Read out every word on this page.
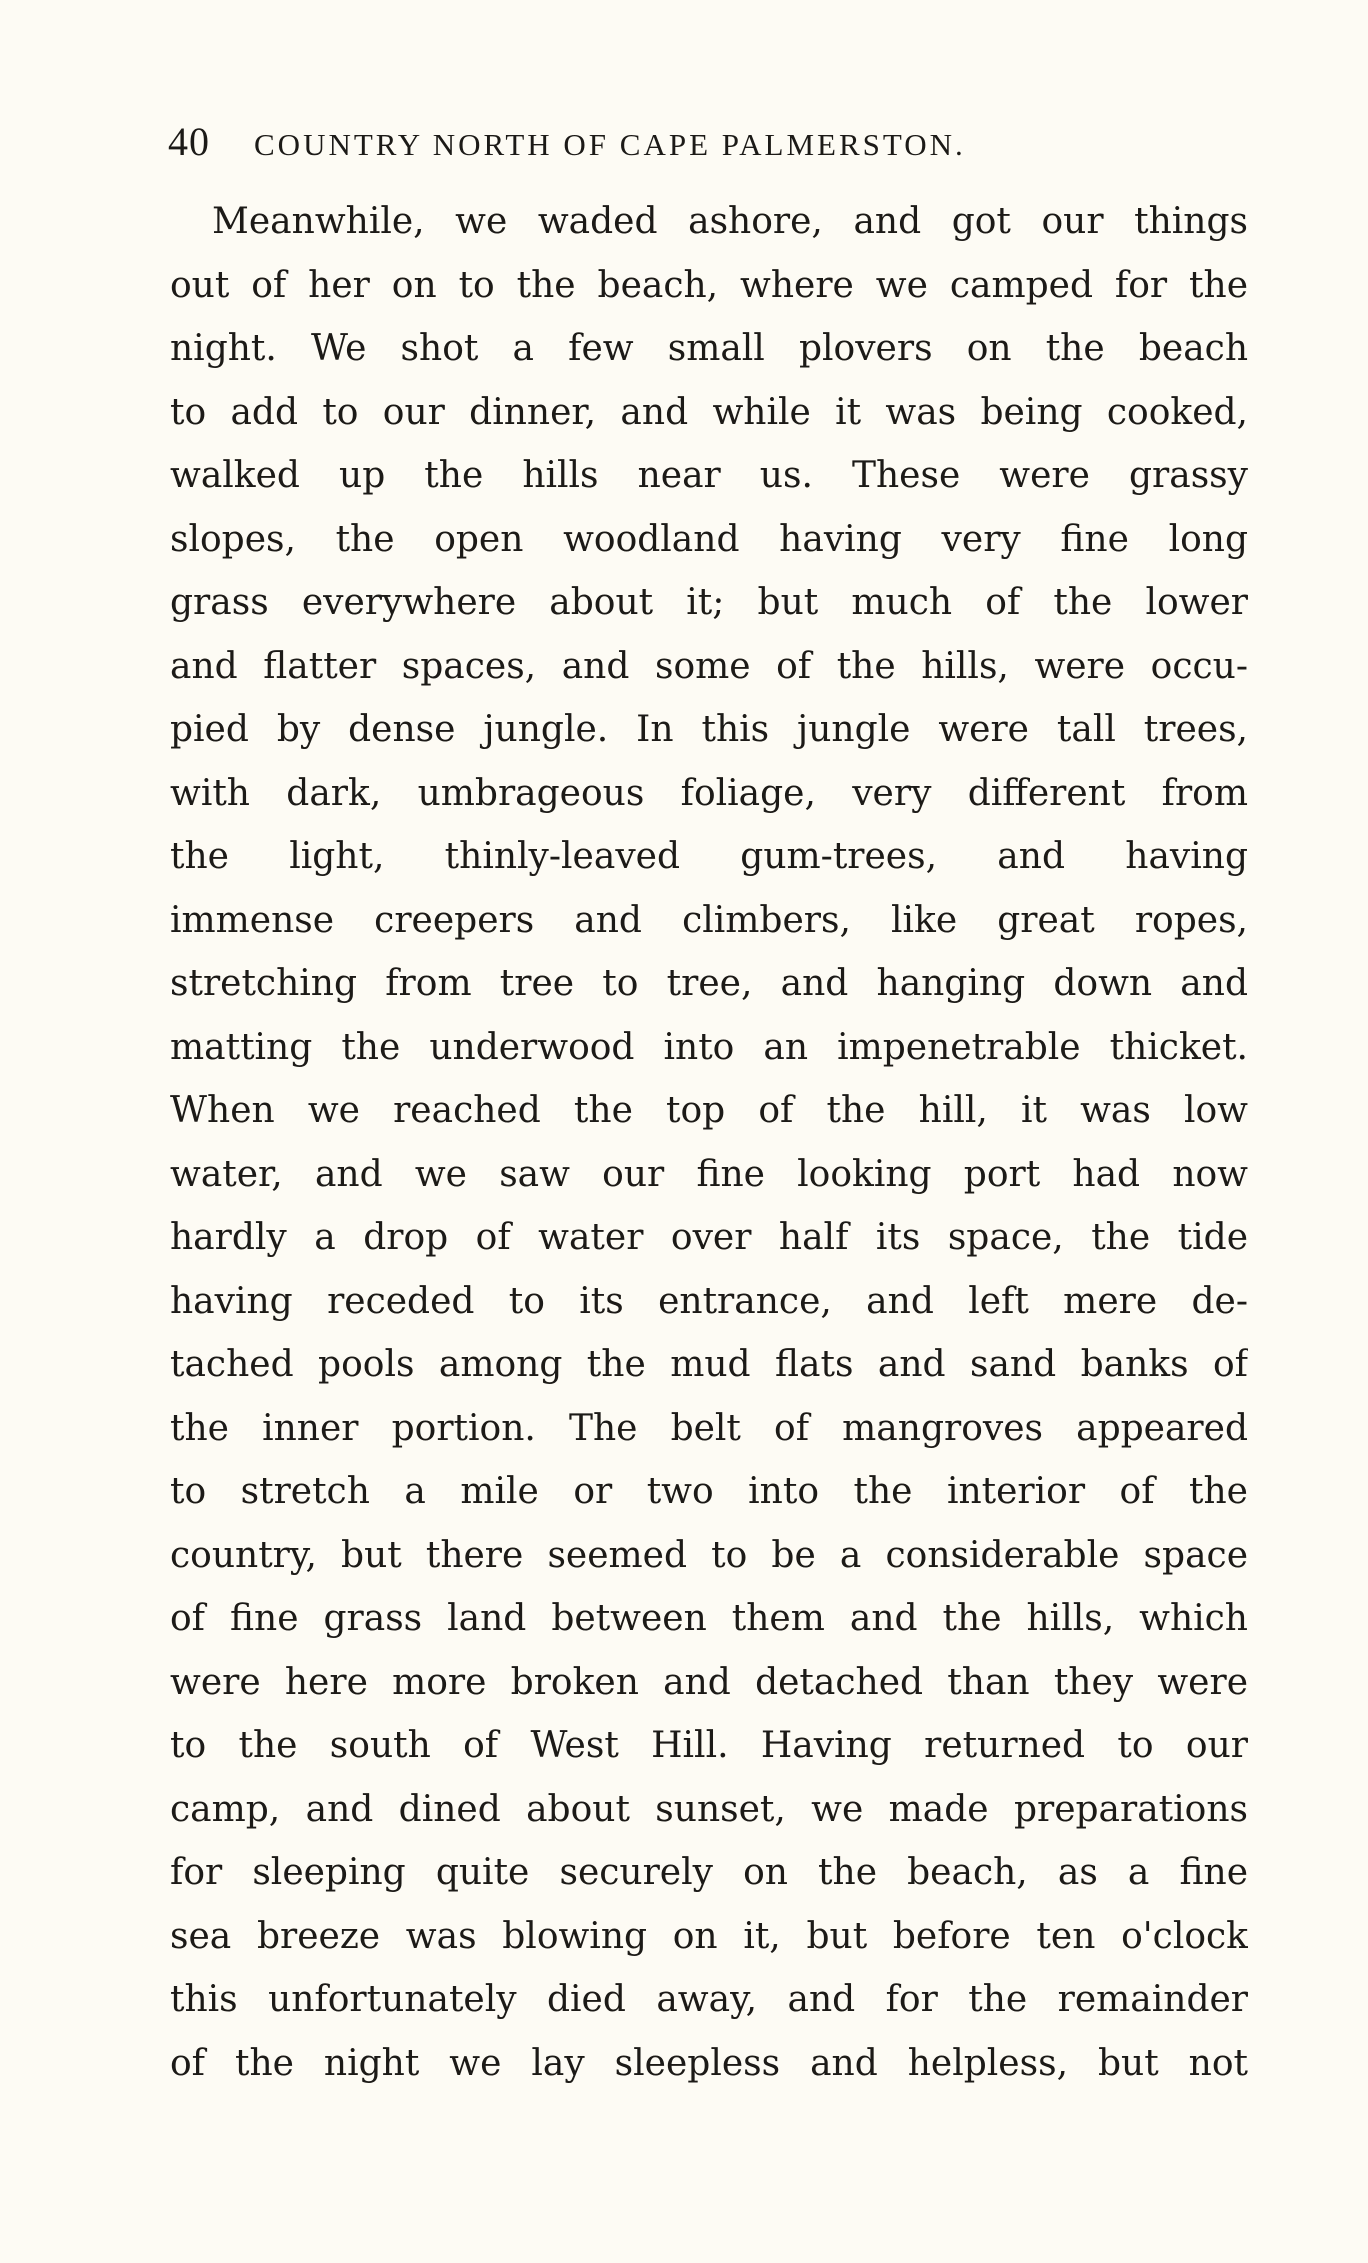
40 COUNTRY NORTH OF CAPE PALMERSTON.
Meanwhile, we waded ashore, and got our things
out of her on to the beach, where we camped for the
night. We shot a few small plovers on the beach
to add to our dinner, and while it was being cooked,
walked up the hills near us. These were grassy
slopes, the open woodland having very fine long
grass everywhere about it; but much of the lower
and flatter spaces, and some of the hills, were occu-
pied by dense jungle. In this jungle were tall trees,
with dark, umbrageous foliage, very different from
the light, thinly-leaved gum-trees, and having
immense creepers and climbers, like great ropes,
stretching from tree to tree, and hanging down and
matting the underwood into an impenetrable thicket.
When we reached the top of the hill, it was low
water, and we saw our fine looking port had now
hardly a drop of water over half its space, the tide
having receded to its entrance, and left mere de-
tached pools among the mud flats and sand banks of
the inner portion. The belt of mangroves appeared
to stretch a mile or two into the interior of the
country, but there seemed to be a considerable space
of fine grass land between them and the hills, which
were here more broken and detached than they were
to the south of West Hill. Having returned to our
camp, and dined about sunset, we made preparations
for sleeping quite securely on the beach, as a fine
sea breeze was blowing on it, but before ten o'clock
this unfortunately died away, and for the remainder
of the night we lay sleepless and helpless, but not
